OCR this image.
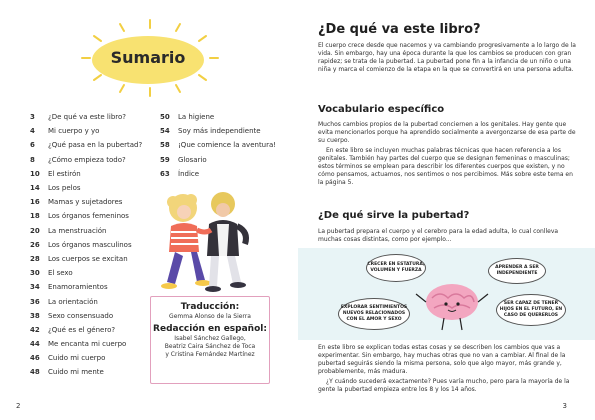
Sumario
3	¿De qué va este libro?
4	Mi cuerpo y yo
6	¿Qué pasa en la pubertad?
8	¿Cómo empieza todo?
10	El estirón
14	Los pelos
16	Mamas y sujetadores
18	Los órganos femeninos
20	La menstruación
26	Los órganos masculinos
28	Los cuerpos se excitan
30	El sexo
34	Enamoramientos
36	La orientación
38	Sexo consensuado
42	¿Qué es el género?
44	Me encanta mi cuerpo
46	Cuido mi cuerpo
48	Cuido mi mente
50	La higiene
54	Soy más independiente
58	¡Que comience la aventura!
59	Glosario
63	Índice
Traducción:
Gemma Alonso de la Sierra
Redacción en español:
Isabel Sánchez Gallego,
Beatriz Caira Sánchez de Toca
y Cristina Fernández Martínez
2
¿De qué va este libro?
El cuerpo crece desde que nacemos y va cambiando progresivamente a lo largo de la vida. Sin embargo, hay una época durante la que los cambios se producen con gran rapidez; se trata de la pubertad. La pubertad pone fin a la infancia de un niño o una niña y marca el comienzo de la etapa en la que se convertirá en una persona adulta.
Vocabulario específico
Muchos cambios propios de la pubertad conciernen a los genitales. Hay gente que evita mencionarlos porque ha aprendido socialmente a avergonzarse de esa parte de su cuerpo.
En este libro se incluyen muchas palabras técnicas que hacen referencia a los genitales. También hay partes del cuerpo que se designan femeninas o masculinas; estos términos se emplean para describir los diferentes cuerpos que existen, y no cómo pensamos, actuamos, nos sentimos o nos percibimos. Más sobre este tema en la página 5.
¿De qué sirve la pubertad?
La pubertad prepara el cuerpo y el cerebro para la edad adulta, lo cual conlleva muchas cosas distintas, como por ejemplo...
CRECER EN ESTATURA, VOLUMEN Y FUERZA
APRENDER A SER INDEPENDIENTE
EXPLORAR SENTIMIENTOS NUEVOS RELACIONADOS CON EL AMOR Y SEXO
SER CAPAZ DE TENER HIJOS EN EL FUTURO, EN CASO DE QUERERLOS
En este libro se explican todas estas cosas y se describen los cambios que vas a experimentar. Sin embargo, hay muchas otras que no van a cambiar. Al final de la pubertad seguirás siendo la misma persona, solo que algo mayor, más grande y, probablemente, más madura.
¿Y cuándo sucederá exactamente? Pues varía mucho, pero para la mayoría de la gente la pubertad empieza entre los 8 y los 14 años.
3
